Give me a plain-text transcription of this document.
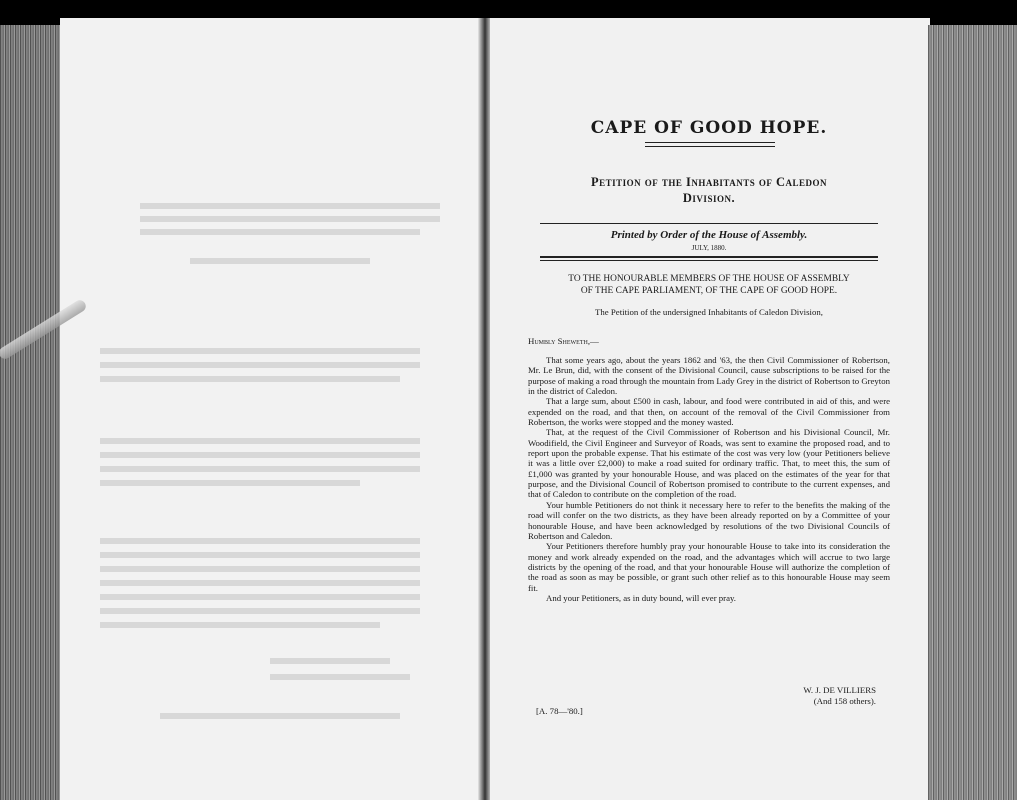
CAPE OF GOOD HOPE.
Petition of the Inhabitants of Caledon
Division.
Printed by Order of the House of Assembly.
JULY, 1880.
TO THE HONOURABLE MEMBERS OF THE HOUSE OF ASSEMBLY
OF THE CAPE PARLIAMENT, OF THE CAPE OF GOOD HOPE.
The Petition of the undersigned Inhabitants of Caledon Division,
Humbly Sheweth,—

That some years ago, about the years 1862 and '63, the then Civil Commissioner of Robertson, Mr. Le Brun, did, with the consent of the Divisional Council, cause subscriptions to be raised for the purpose of making a road through the mountain from Lady Grey in the district of Robertson to Greyton in the district of Caledon.

That a large sum, about £500 in cash, labour, and food were contributed in aid of this, and were expended on the road, and that then, on account of the removal of the Civil Commissioner from Robertson, the works were stopped and the money wasted.

That, at the request of the Civil Commissioner of Robertson and his Divisional Council, Mr. Woodifield, the Civil Engineer and Surveyor of Roads, was sent to examine the proposed road, and to report upon the probable expense. That his estimate of the cost was very low (your Petitioners believe it was a little over £2,000) to make a road suited for ordinary traffic. That, to meet this, the sum of £1,000 was granted by your honourable House, and was placed on the estimates of the year for that purpose, and the Divisional Council of Robertson promised to contribute to the current expenses, and that of Caledon to contribute on the completion of the road.

Your humble Petitioners do not think it necessary here to refer to the benefits the making of the road will confer on the two districts, as they have been already reported on by a Committee of your honourable House, and have been acknowledged by resolutions of the two Divisional Councils of Robertson and Caledon.

Your Petitioners therefore humbly pray your honourable House to take into its consideration the money and work already expended on the road, and the advantages which will accrue to two large districts by the opening of the road, and that your honourable House will authorize the completion of the road as soon as may be possible, or grant such other relief as to this honourable House may seem fit.

And your Petitioners, as in duty bound, will ever pray.

W. J. DE VILLIERS
(And 158 others).
[A. 78—'80.]
